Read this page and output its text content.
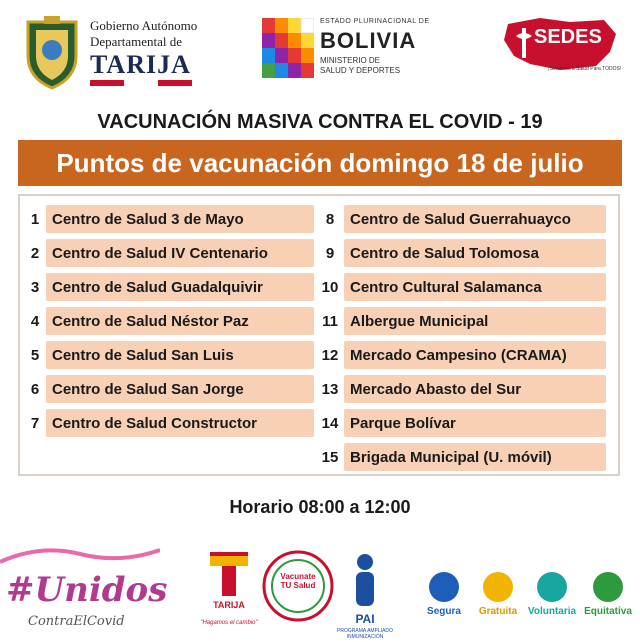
Gobierno Autónomo
Departamental de
TARIJA
ESTADO PLURINACIONAL DE
BOLIVIA
MINISTERIO DE
SALUD Y DEPORTES
SEDES
¡Servimos a Salud Para TODOS!
VACUNACIÓN MASIVA CONTRA EL COVID - 19
Puntos de vacunación domingo 18 de julio
1 Centro de Salud 3 de Mayo
2 Centro de Salud IV Centenario
3 Centro de Salud Guadalquivir
4 Centro de Salud Néstor Paz
5 Centro de Salud San Luis
6 Centro de Salud San Jorge
7 Centro de Salud Constructor
8	Centro de Salud Guerrahuayco
9	Centro de Salud Tolomosa
10 Centro Cultural Salamanca
11 Albergue Municipal
12 Mercado Campesino (CRAMA)
13 Mercado Abasto del Sur
14 Parque Bolívar
15 Brigada Municipal (U. móvil)
Horario 08:00 a 12:00
#Unidos
ContraElCovid
TARIJA
"Hagamos el cambio"
Vacunate
TU Salud
PAI
PROGRAMA AMPLIADO INMUNIZACIÓN
Segura	Gratuita	Voluntaria Equitativa
